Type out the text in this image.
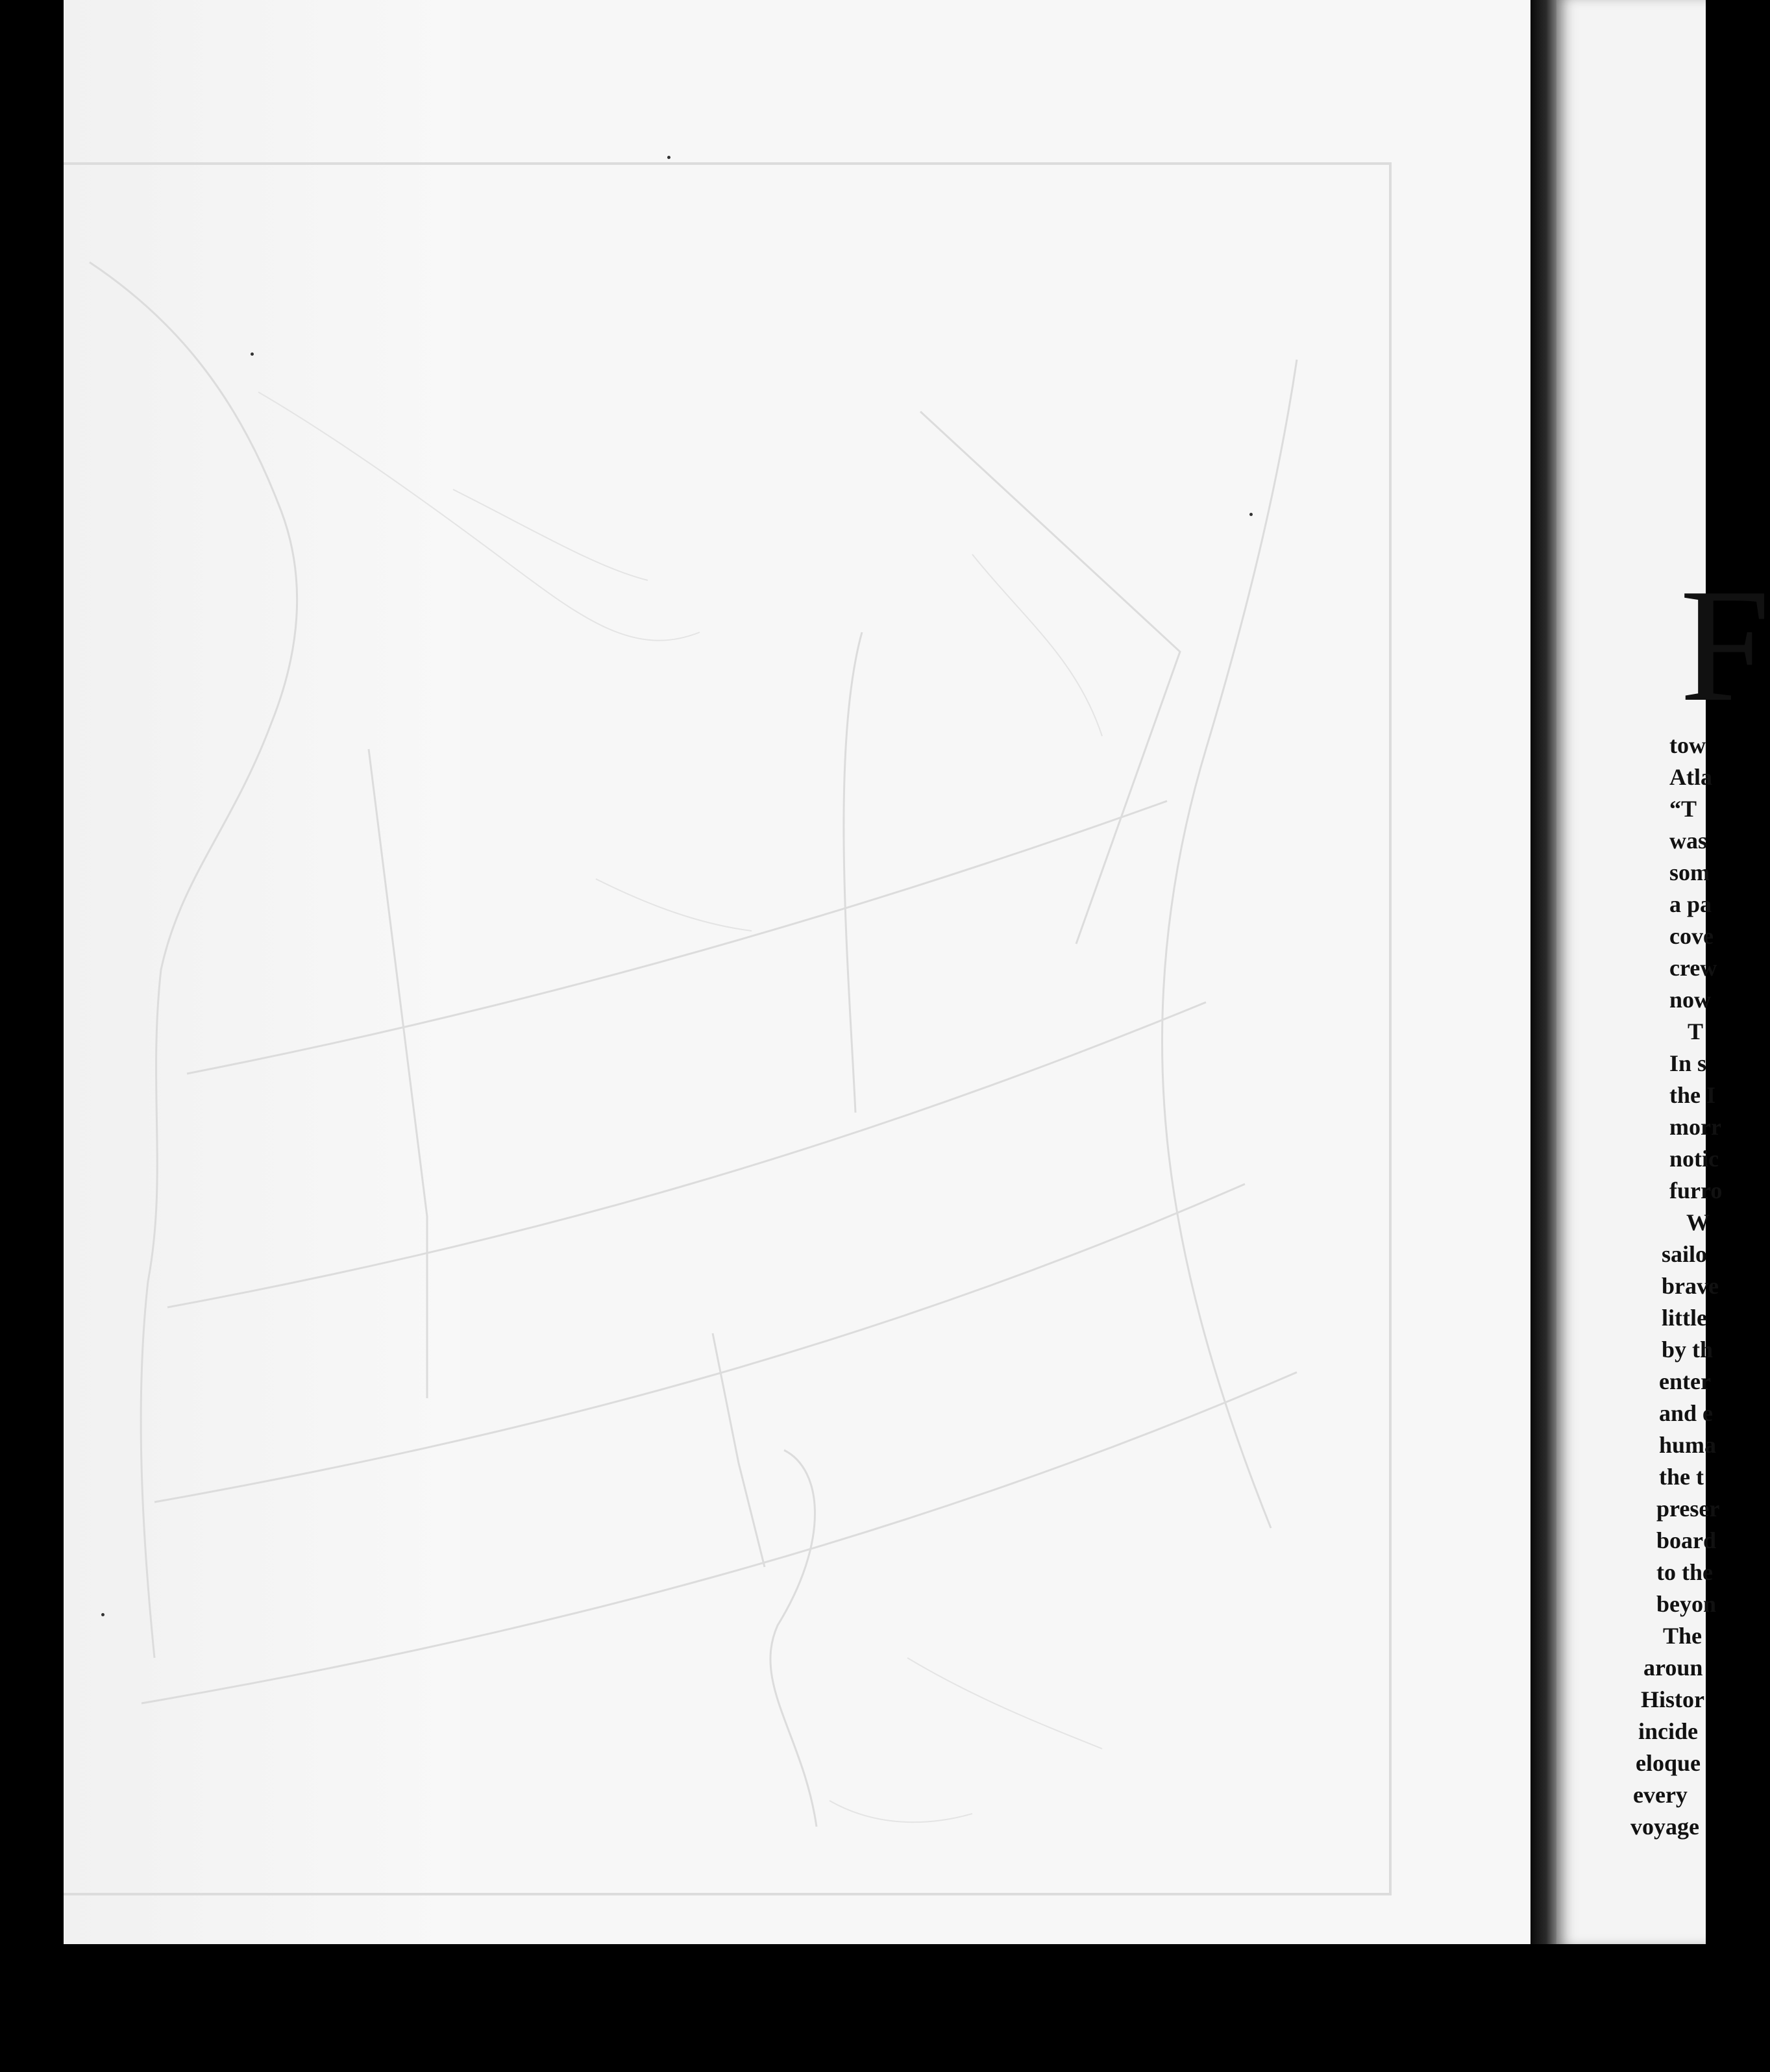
F
tow
Atla
“T
was
som
a pa
cove
crew
now
T
In s
the I
morr
notic
furro
W
sailo
brave
little
by th
enter
and e
huma
the t
preser
board
to the
beyon
The
aroun
Histor
incide
eloque
every
voyage
